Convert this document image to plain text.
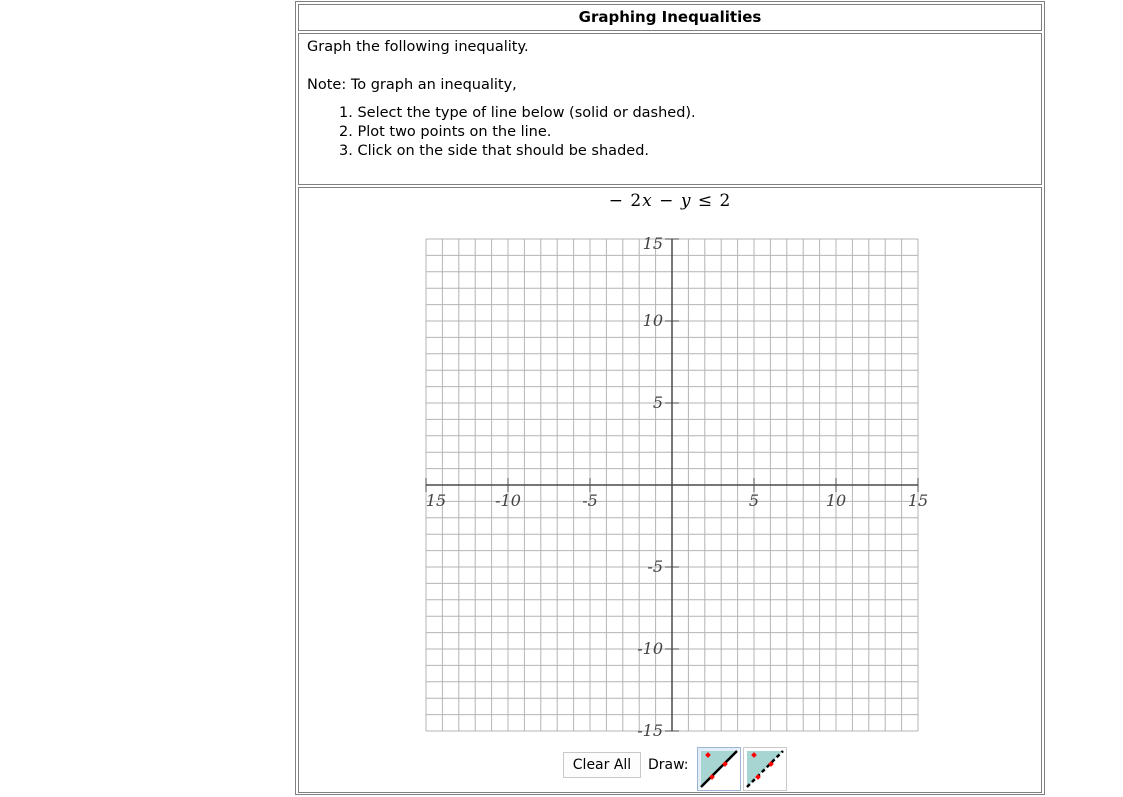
Graphing Inequalities
Graph the following inequality.
Note: To graph an inequality,
1. Select the type of line below (solid or dashed).
2. Plot two points on the line.
3. Click on the side that should be shaded.
− 2x − y ≤ 2
15	-10	-5	5	10	15
15
10
5
-5
-10
-15
Clear All	Draw:
